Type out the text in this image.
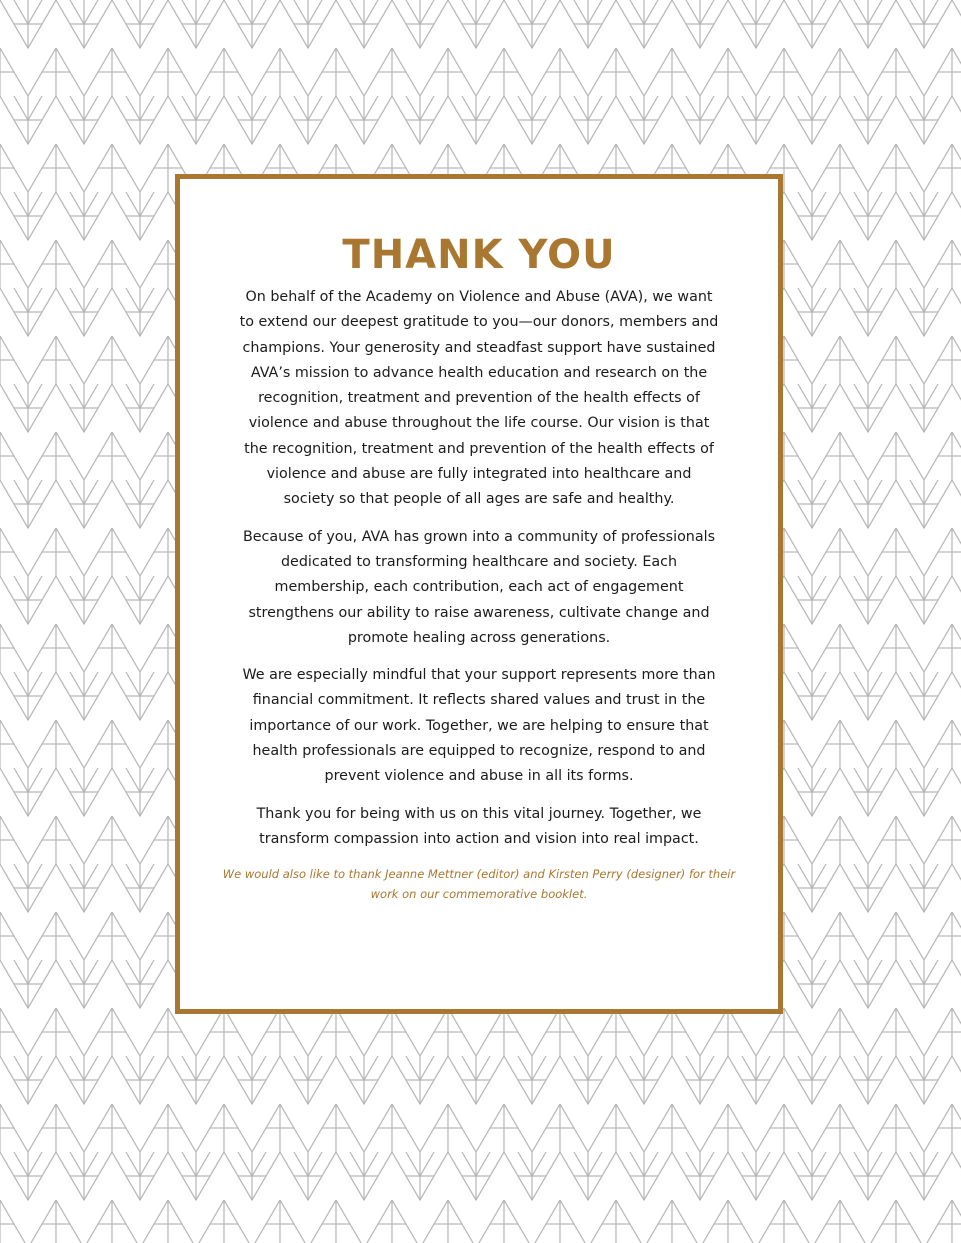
THANK YOU

On behalf of the Academy on Violence and Abuse (AVA), we want to extend our deepest gratitude to you—our donors, members and champions. Your generosity and steadfast support have sustained AVA’s mission to advance health education and research on the recognition, treatment and prevention of the health effects of violence and abuse throughout the life course. Our vision is that the recognition, treatment and prevention of the health effects of violence and abuse are fully integrated into healthcare and society so that people of all ages are safe and healthy.

Because of you, AVA has grown into a community of professionals dedicated to transforming healthcare and society. Each membership, each contribution, each act of engagement strengthens our ability to raise awareness, cultivate change and promote healing across generations.

We are especially mindful that your support represents more than financial commitment. It reflects shared values and trust in the importance of our work. Together, we are helping to ensure that health professionals are equipped to recognize, respond to and prevent violence and abuse in all its forms.

Thank you for being with us on this vital journey. Together, we transform compassion into action and vision into real impact.

We would also like to thank Jeanne Mettner (editor) and Kirsten Perry (designer) for their work on our commemorative booklet.
